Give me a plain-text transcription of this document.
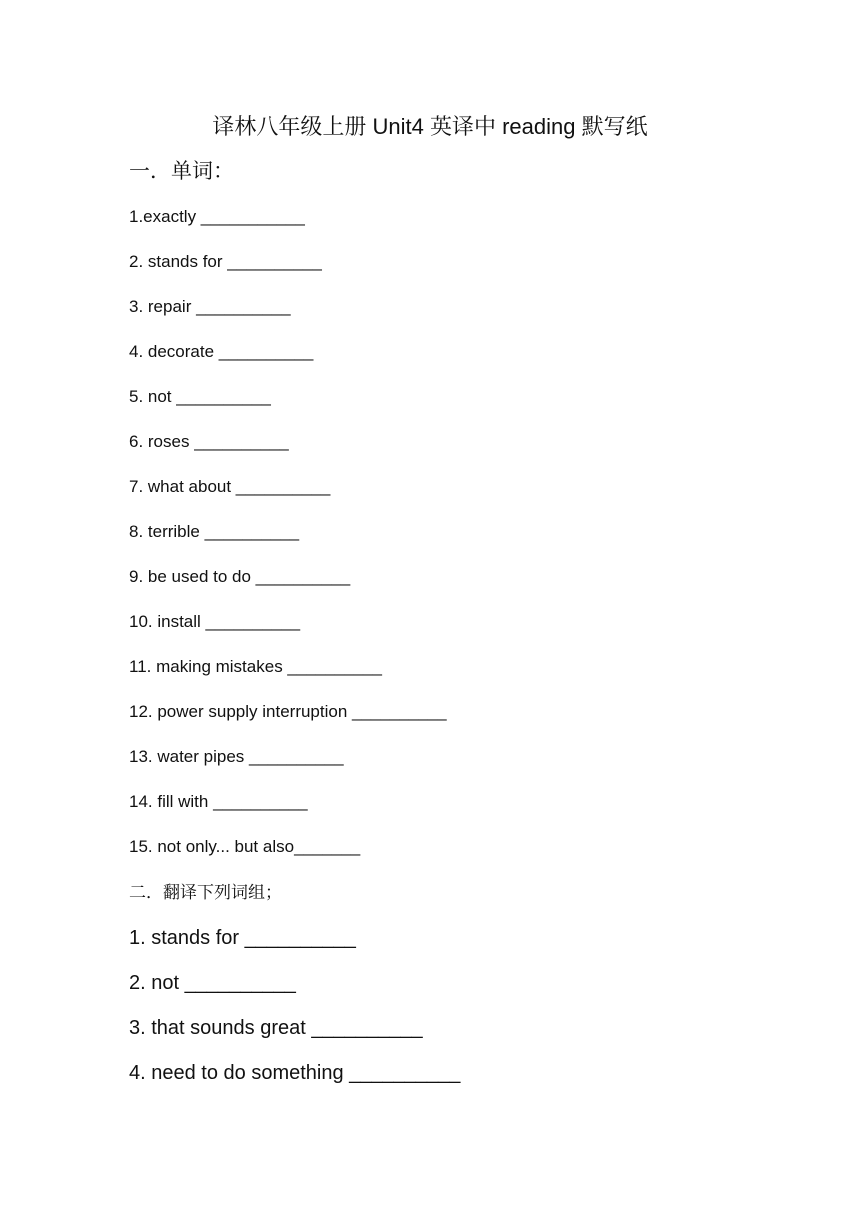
译林八年级上册 Unit4 英译中 reading 默写纸
一．单词：
1.exactly ___________
2. stands for __________
3. repair __________
4. decorate __________
5. not __________
6. roses __________
7. what about __________
8. terrible __________
9. be used to do __________
10. install __________
11. making mistakes __________
12. power supply interruption __________
13. water pipes __________
14. fill with __________
15. not only... but also_______
二．翻译下列词组；
1. stands for __________
2. not __________
3. that sounds great __________
4. need to do something __________
